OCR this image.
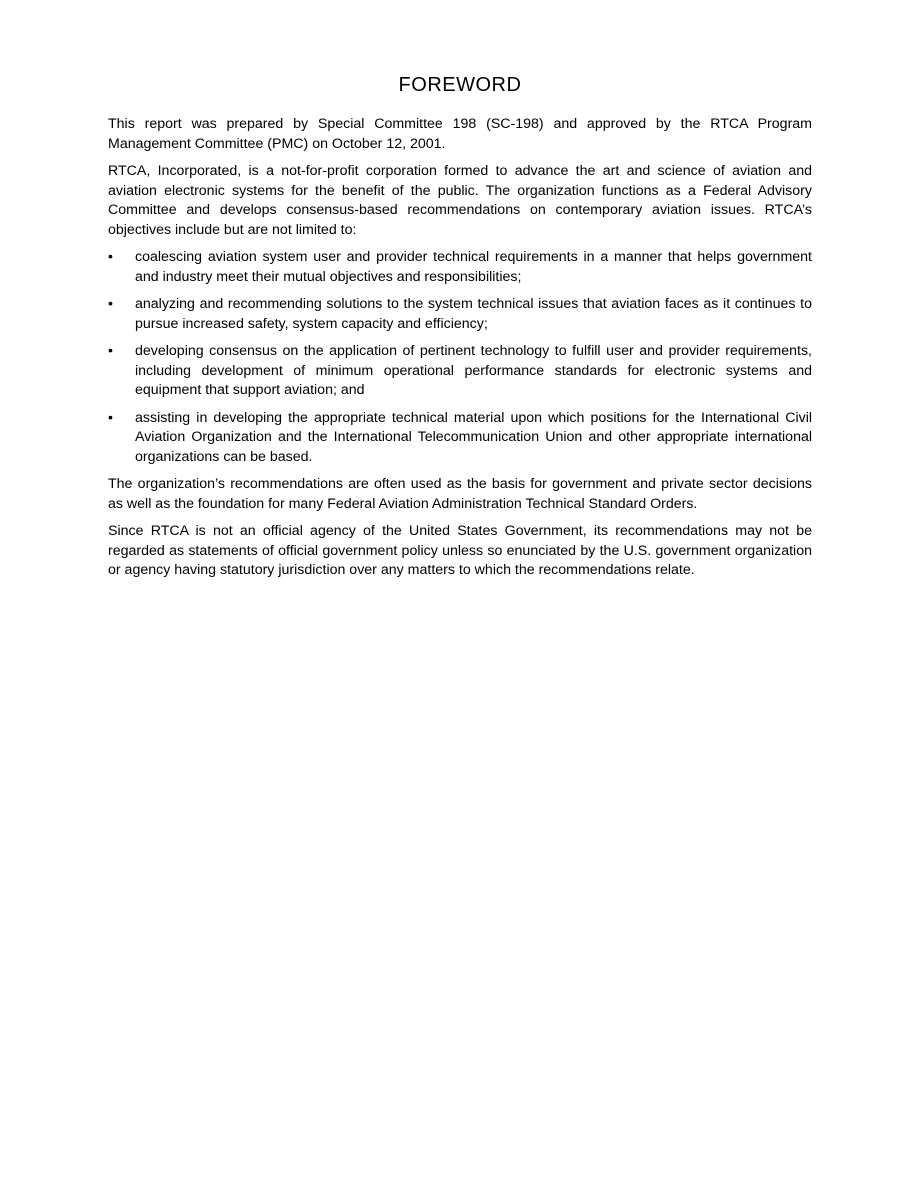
FOREWORD

This report was prepared by Special Committee 198 (SC-198) and approved by the RTCA Program Management Committee (PMC) on October 12, 2001.

RTCA, Incorporated, is a not-for-profit corporation formed to advance the art and science of aviation and aviation electronic systems for the benefit of the public. The organization functions as a Federal Advisory Committee and develops consensus-based recommendations on contemporary aviation issues. RTCA’s objectives include but are not limited to:

• coalescing aviation system user and provider technical requirements in a manner that helps government and industry meet their mutual objectives and responsibilities;
• analyzing and recommending solutions to the system technical issues that aviation faces as it continues to pursue increased safety, system capacity and efficiency;
• developing consensus on the application of pertinent technology to fulfill user and provider requirements, including development of minimum operational performance standards for electronic systems and equipment that support aviation; and
• assisting in developing the appropriate technical material upon which positions for the International Civil Aviation Organization and the International Telecommunication Union and other appropriate international organizations can be based.

The organization’s recommendations are often used as the basis for government and private sector decisions as well as the foundation for many Federal Aviation Administration Technical Standard Orders.

Since RTCA is not an official agency of the United States Government, its recommendations may not be regarded as statements of official government policy unless so enunciated by the U.S. government organization or agency having statutory jurisdiction over any matters to which the recommendations relate.
